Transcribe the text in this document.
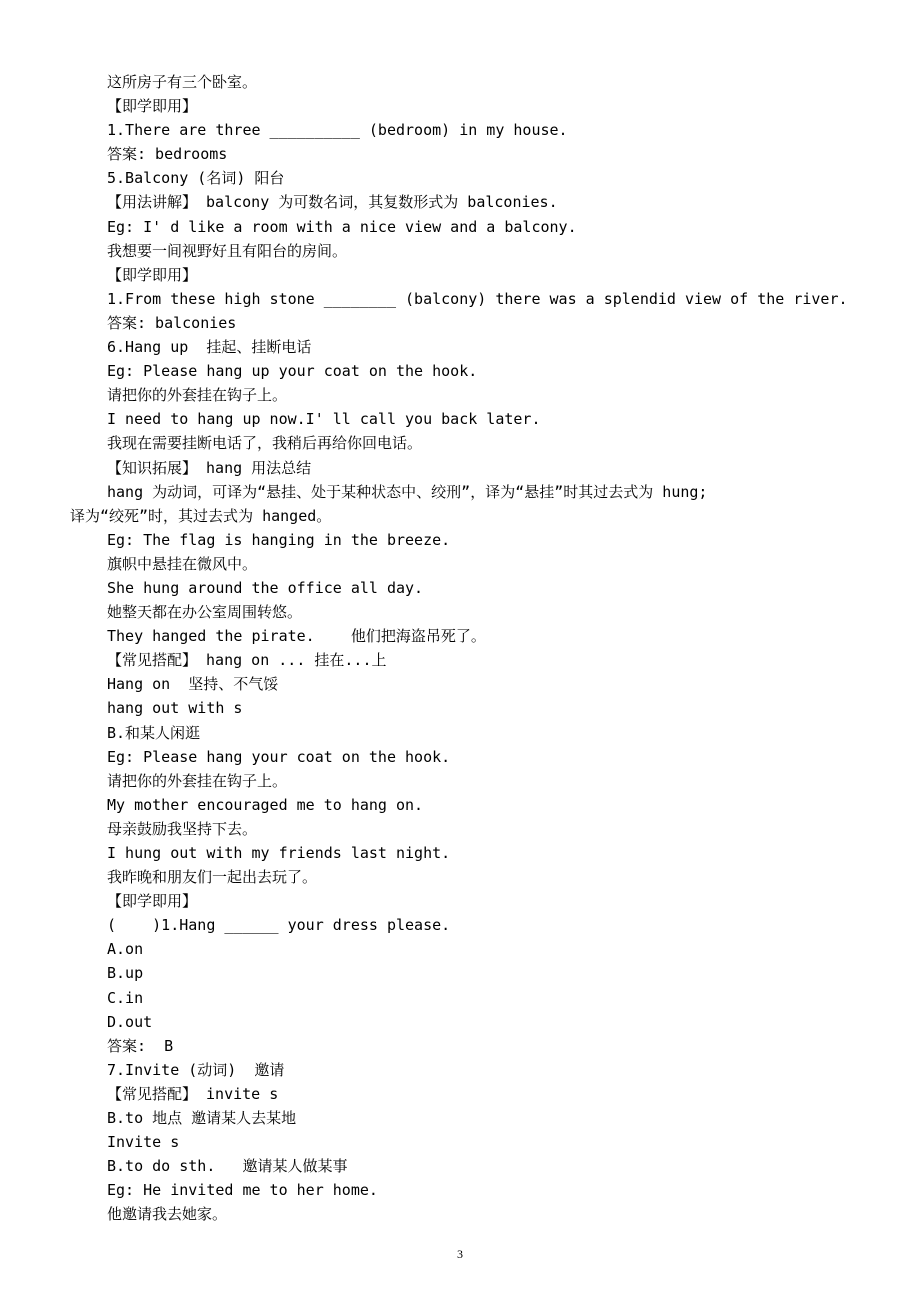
这所房子有三个卧室。
【即学即用】
1.There are three __________ (bedroom) in my house.
答案: bedrooms
5.Balcony (名词) 阳台
【用法讲解】 balcony 为可数名词，其复数形式为 balconies.
Eg: I' d like a room with a nice view and a balcony.
我想要一间视野好且有阳台的房间。
【即学即用】
1.From these high stone ________ (balcony) there was a splendid view of the river.
答案: balconies
6.Hang up  挂起、挂断电话
Eg: Please hang up your coat on the hook.
请把你的外套挂在钩子上。
I need to hang up now.I' ll call you back later.
我现在需要挂断电话了，我稍后再给你回电话。
【知识拓展】 hang 用法总结
hang 为动词，可译为“悬挂、处于某种状态中、绞刑”，译为“悬挂”时其过去式为 hung;
译为“绞死”时，其过去式为 hanged。
Eg: The flag is hanging in the breeze.
旗帜中悬挂在微风中。
She hung around the office all day.
她整天都在办公室周围转悠。
They hanged the pirate.    他们把海盗吊死了。
【常见搭配】 hang on ... 挂在...上
Hang on  坚持、不气馁
hang out with s
B.和某人闲逛
Eg: Please hang your coat on the hook.
请把你的外套挂在钩子上。
My mother encouraged me to hang on.
母亲鼓励我坚持下去。
I hung out with my friends last night.
我昨晚和朋友们一起出去玩了。
【即学即用】
(    )1.Hang ______ your dress please.
A.on
B.up
C.in
D.out
答案:  B
7.Invite (动词)  邀请
【常见搭配】 invite s
B.to 地点 邀请某人去某地
Invite s
B.to do sth.   邀请某人做某事
Eg: He invited me to her home.
他邀请我去她家。
3
